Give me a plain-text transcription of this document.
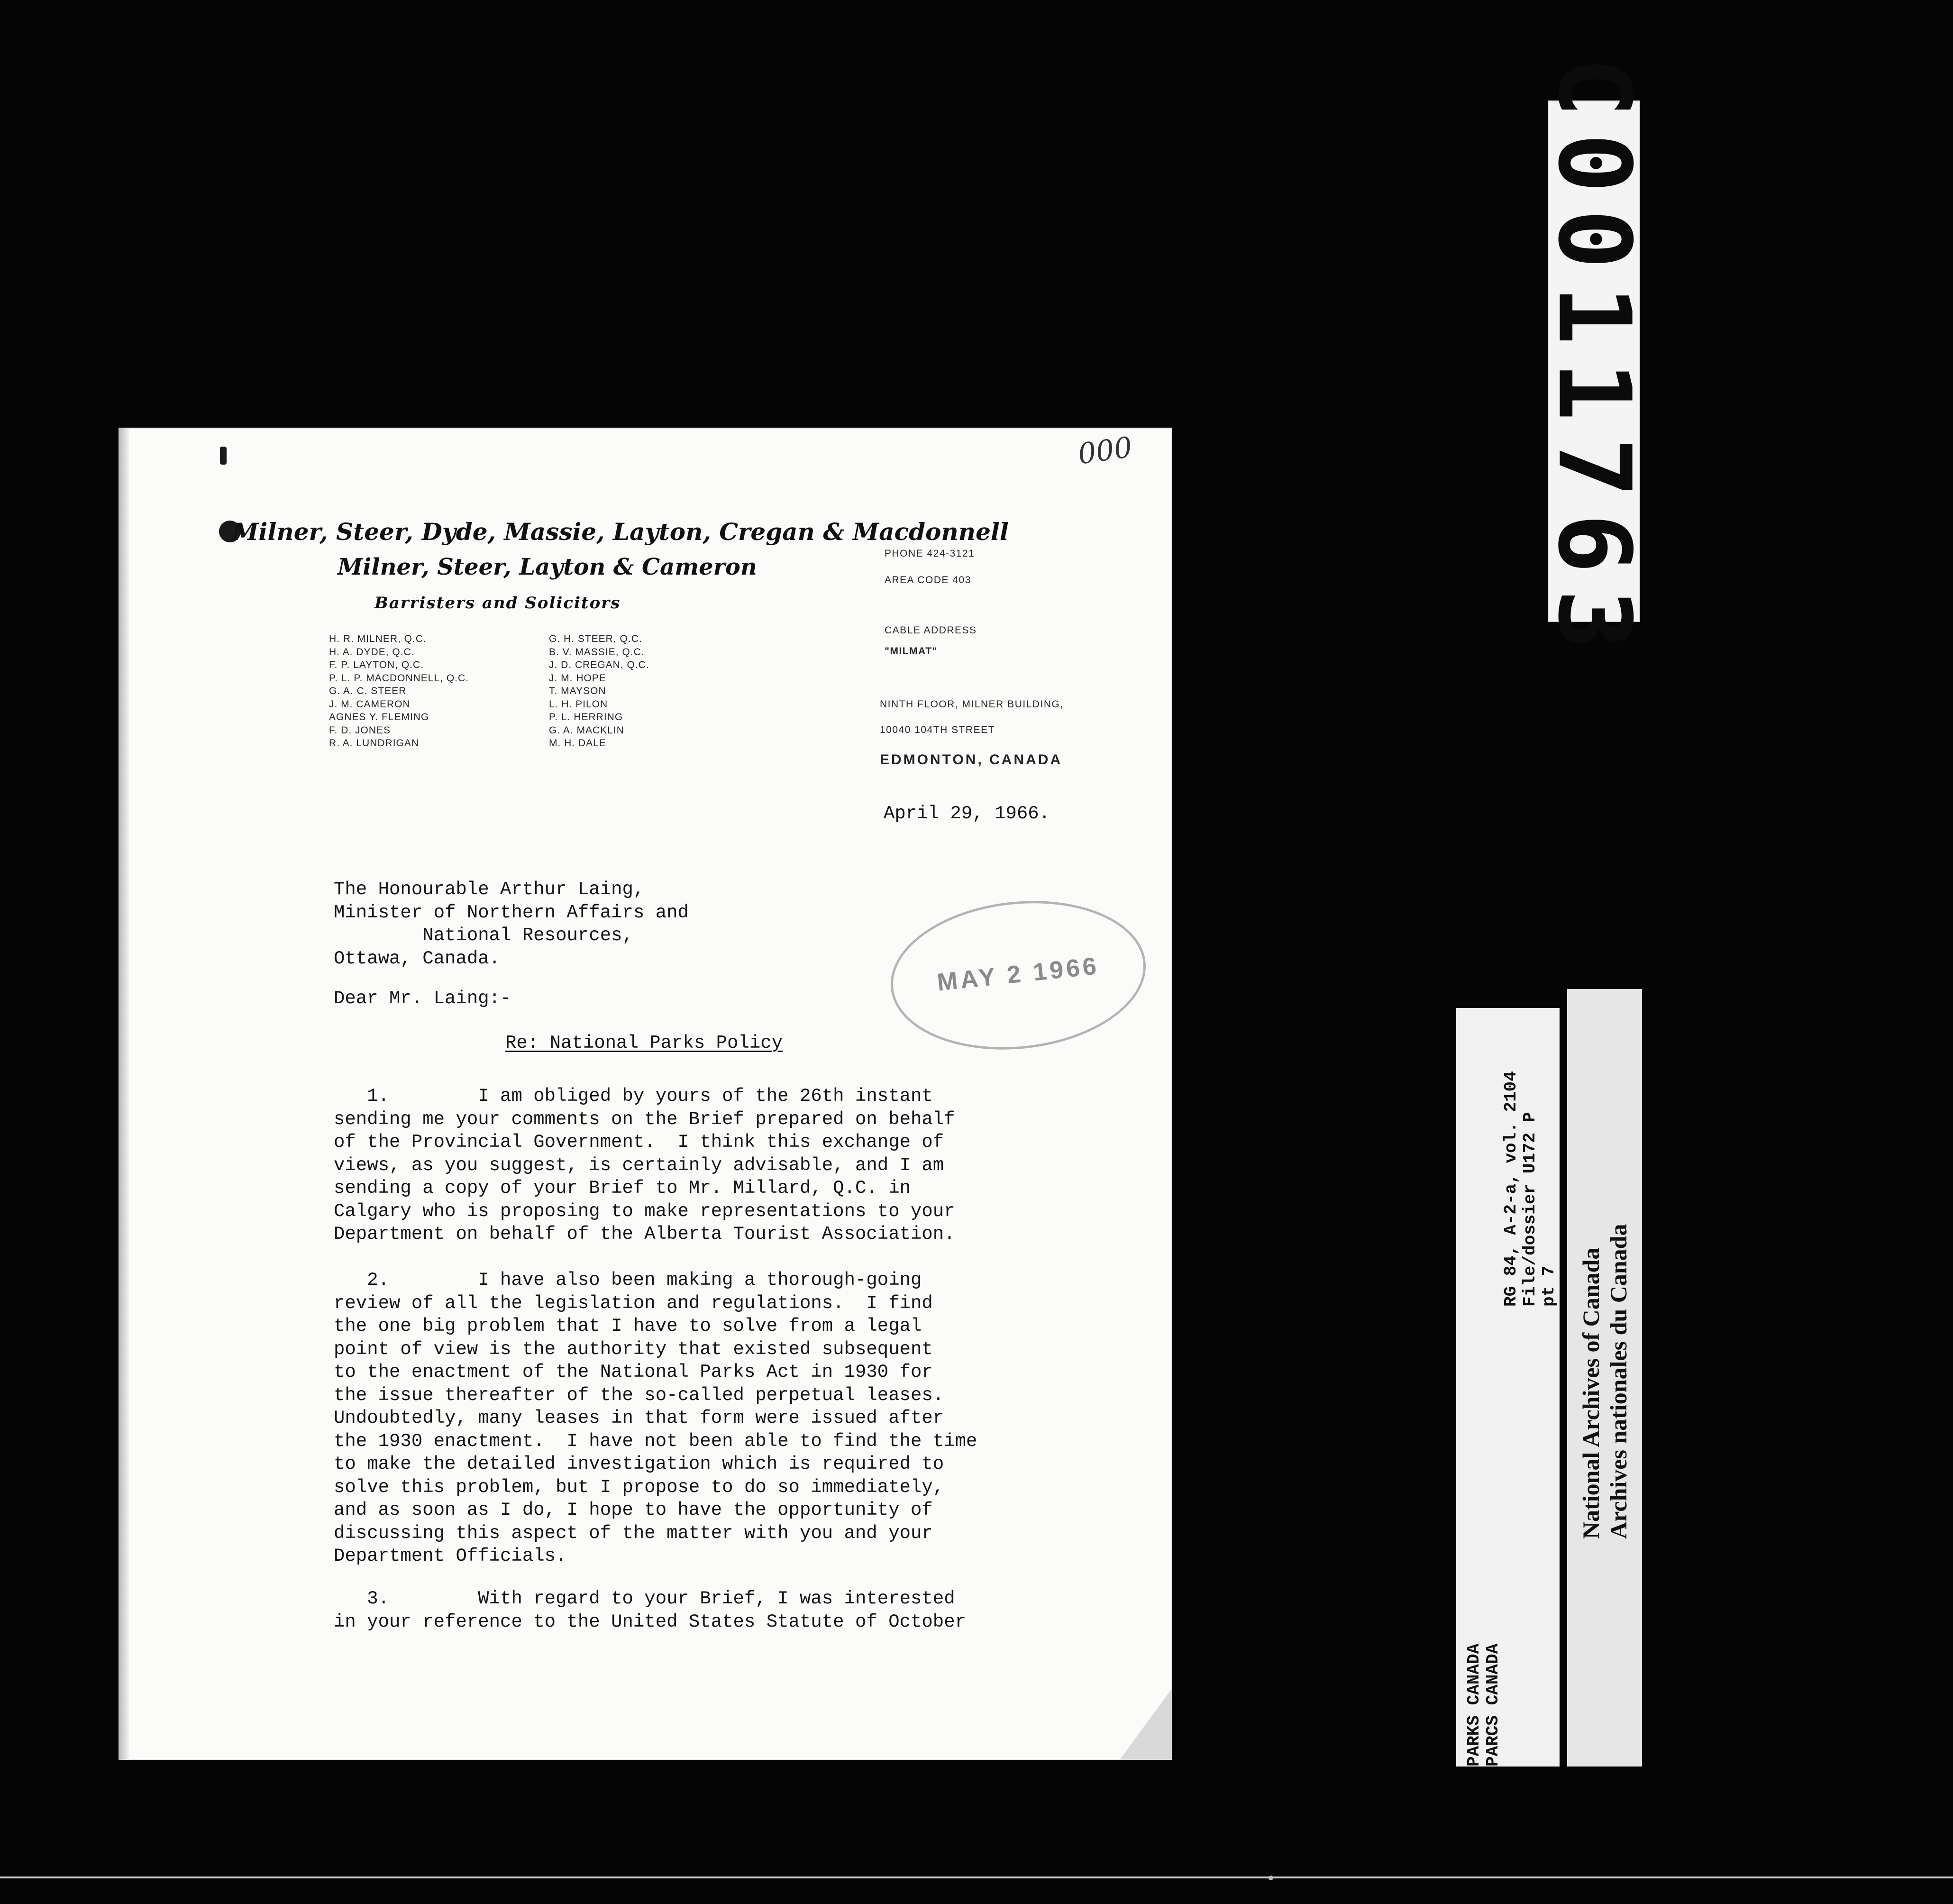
C0011763
PARKS CANADA PARCS CANADA
RG 84, A-2-a, vol. 2104 File/dossier U172 P pt 7 National Archives of Canada Archives nationales du Canada
000
Milner, Steer, Dyde, Massie, Layton, Cregan & Macdonnell
Milner, Steer, Layton & Cameron
Barristers and Solicitors
H. R. MILNER, Q.C.
H. A. DYDE, Q.C.
F. P. LAYTON, Q.C.
P. L. P. MACDONNELL, Q.C.
G. A. C. STEER
J. M. CAMERON
AGNES Y. FLEMING
F. D. JONES
R. A. LUNDRIGAN
G. H. STEER, Q.C.
B. V. MASSIE, Q.C.
J. D. CREGAN, Q.C.
J. M. HOPE
T. MAYSON
L. H. PILON
P. L. HERRING
G. A. MACKLIN
M. H. DALE
PHONE 424-3121
AREA CODE 403
CABLE ADDRESS
"MILMAT"
NINTH FLOOR, MILNER BUILDING,
10040 104TH STREET
EDMONTON, CANADA
April 29, 1966.
The Honourable Arthur Laing,
Minister of Northern Affairs and
National Resources,
Ottawa, Canada.	MAY 2 1966
Dear Mr. Laing:-
Re: National Parks Policy
1.        I am obliged by yours of the 26th instant
sending me your comments on the Brief prepared on behalf
of the Provincial Government.  I think this exchange of
views, as you suggest, is certainly advisable, and I am
sending a copy of your Brief to Mr. Millard, Q.C. in
Calgary who is proposing to make representations to your
Department on behalf of the Alberta Tourist Association.
2.        I have also been making a thorough-going
review of all the legislation and regulations.  I find
the one big problem that I have to solve from a legal
point of view is the authority that existed subsequent
to the enactment of the National Parks Act in 1930 for
the issue thereafter of the so-called perpetual leases.
Undoubtedly, many leases in that form were issued after
the 1930 enactment.  I have not been able to find the time
to make the detailed investigation which is required to
solve this problem, but I propose to do so immediately,
and as soon as I do, I hope to have the opportunity of
discussing this aspect of the matter with you and your
Department Officials.
3.        With regard to your Brief, I was interested
in your reference to the United States Statute of October
